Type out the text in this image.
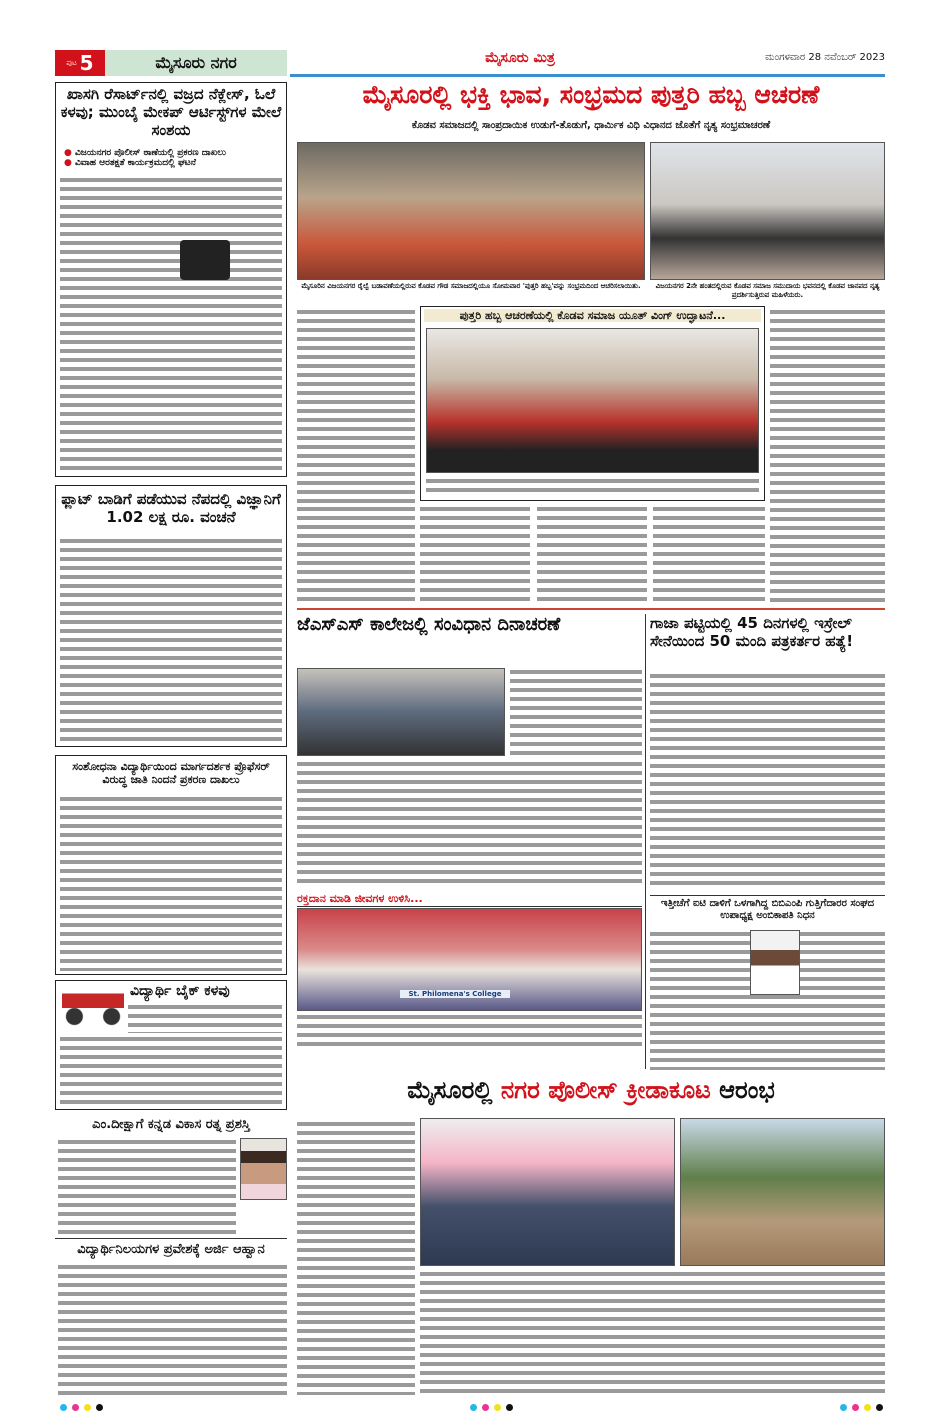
ಪುಟ 5	ಮೈಸೂರು ನಗರ	ಮೈಸೂರು ಮಿತ್ರ	ಮಂಗಳವಾರ 28 ನವೆಂಬರ್ 2023
ಮೈಸೂರಲ್ಲಿ ಭಕ್ತಿ ಭಾವ, ಸಂಭ್ರಮದ ಪುತ್ತರಿ ಹಬ್ಬ ಆಚರಣೆ
ಕೊಡವ ಸಮಾಜದಲ್ಲಿ ಸಾಂಪ್ರದಾಯಿಕ ಉಡುಗೆ-ತೊಡುಗೆ, ಧಾರ್ಮಿಕ ವಿಧಿ ವಿಧಾನದ ಜೊತೆಗೆ ನೃತ್ಯ ಸಂಭ್ರಮಾಚರಣೆ
ಮೈಸೂರಿನ ವಿಜಯನಗರ ರೈಲ್ವೆ ಬಡಾವಣೆಯಲ್ಲಿರುವ ಕೊಡವ ಗೌಡ ಸಮಾಜದಲ್ಲಿಯೂ ಸೋಮವಾರ 'ಪುತ್ತರಿ ಹಬ್ಬ'ವನ್ನು ಸಂಭ್ರಮದಿಂದ ಆಚರಿಸಲಾಯಿತು.	ವಿಜಯನಗರ 2ನೇ ಹಂತದಲ್ಲಿರುವ ಕೊಡವ ಸಮಾಜ ಸಮುದಾಯ ಭವನದಲ್ಲಿ ಕೊಡವ ಜಾನಪದ ನೃತ್ಯ ಪ್ರದರ್ಶಿಸುತ್ತಿರುವ ಮಹಿಳೆಯರು.
ಪುತ್ತರಿ ಹಬ್ಬ ಆಚರಣೆಯಲ್ಲಿ ಕೊಡವ ಸಮಾಜ ಯೂತ್ ವಿಂಗ್ ಉದ್ಘಾಟನೆ...
ಜೆಎಸ್‌ಎಸ್ ಕಾಲೇಜಲ್ಲಿ ಸಂವಿಧಾನ ದಿನಾಚರಣೆ
ರಕ್ತದಾನ ಮಾಡಿ ಜೀವಗಳ ಉಳಿಸಿ...
St. Philomena's College
ಗಾಜಾ ಪಟ್ಟಿಯಲ್ಲಿ 45 ದಿನಗಳಲ್ಲಿ ಇಸ್ರೇಲ್ ಸೇನೆಯಿಂದ 50 ಮಂದಿ ಪತ್ರಕರ್ತರ ಹತ್ಯೆ!
ಇತ್ತೀಚೆಗೆ ಐಟಿ ದಾಳಿಗೆ ಒಳಗಾಗಿದ್ದ ಬಿಬಿಎಂಪಿ ಗುತ್ತಿಗೆದಾರರ ಸಂಘದ ಉಪಾಧ್ಯಕ್ಷ ಅಂಬಿಕಾಪತಿ ನಿಧನ
ಮೈಸೂರಲ್ಲಿ ನಗರ ಪೊಲೀಸ್ ಕ್ರೀಡಾಕೂಟ ಆರಂಭ
ಖಾಸಗಿ ರೆಸಾರ್ಟ್‌ನಲ್ಲಿ ವಜ್ರದ ನೆಕ್ಲೇಸ್, ಓಲೆ ಕಳವು; ಮುಂಬೈ ಮೇಕಪ್ ಆರ್ಟಿಸ್ಟ್‌ಗಳ ಮೇಲೆ ಸಂಶಯ
● ವಿಜಯನಗರ ಪೊಲೀಸ್ ಠಾಣೆಯಲ್ಲಿ ಪ್ರಕರಣ ದಾಖಲು
● ವಿವಾಹ ಆರತಕ್ಷತೆ ಕಾರ್ಯಕ್ರಮದಲ್ಲಿ ಘಟನೆ
ಫ್ಲಾಟ್ ಬಾಡಿಗೆ ಪಡೆಯುವ ನೆಪದಲ್ಲಿ ವಿಜ್ಞಾನಿಗೆ 1.02 ಲಕ್ಷ ರೂ. ವಂಚನೆ
ಸಂಶೋಧನಾ ವಿದ್ಯಾರ್ಥಿಯಿಂದ ಮಾರ್ಗದರ್ಶಕ ಪ್ರೊಫೆಸರ್ ವಿರುದ್ಧ ಜಾತಿ ನಿಂದನೆ ಪ್ರಕರಣ ದಾಖಲು
ವಿದ್ಯಾರ್ಥಿ ಬೈಕ್ ಕಳವು
ಎಂ.ದೀಕ್ಷಾಗೆ ಕನ್ನಡ ವಿಕಾಸ ರತ್ನ ಪ್ರಶಸ್ತಿ
ವಿದ್ಯಾರ್ಥಿನಿಲಯಗಳ ಪ್ರವೇಶಕ್ಕೆ ಅರ್ಜಿ ಆಹ್ವಾನ
